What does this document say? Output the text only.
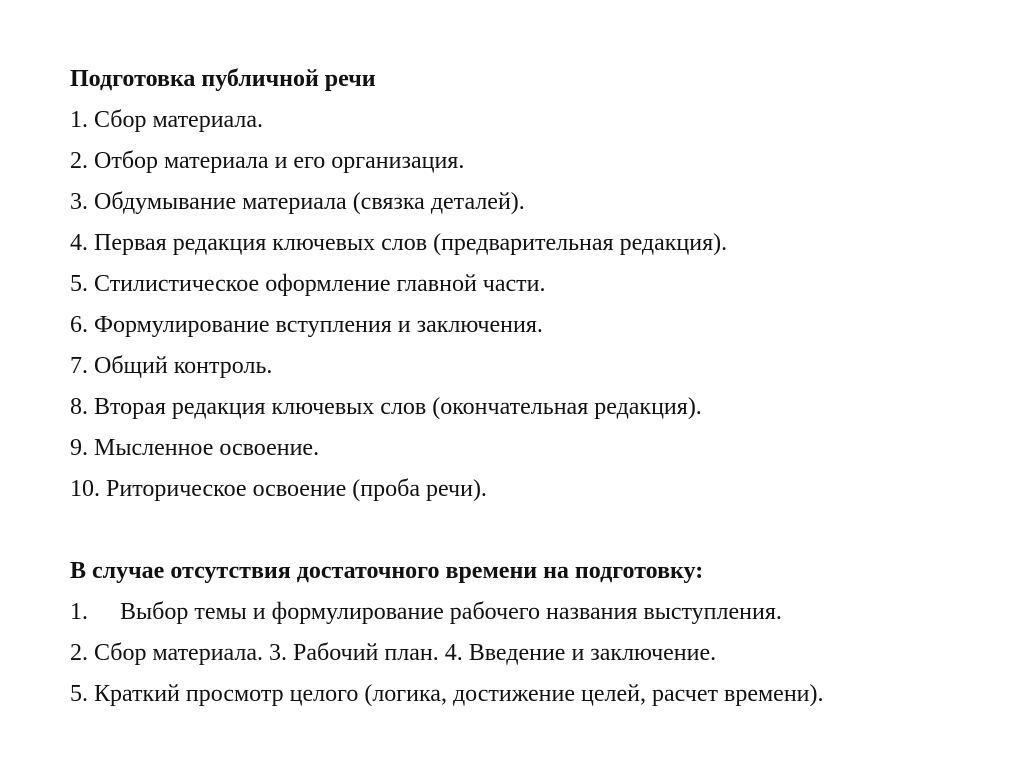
Подготовка публичной речи
1. Сбор материала.
2. Отбор материала и его организация.
3. Обдумывание материала (связка деталей).
4. Первая редакция ключевых слов (предварительная редакция).
5. Стилистическое оформление главной части.
6. Формулирование вступления и заключения.
7. Общий контроль.
8. Вторая редакция ключевых слов (окончательная редакция).
9. Мысленное освоение.
10. Риторическое освоение (проба речи).
В случае отсутствия достаточного времени на подготовку:
1. Выбор темы и формулирование рабочего названия выступления.
2. Сбор материала. 3. Рабочий план. 4. Введение и заключение.
5. Краткий просмотр целого (логика, достижение целей, расчет времени).
